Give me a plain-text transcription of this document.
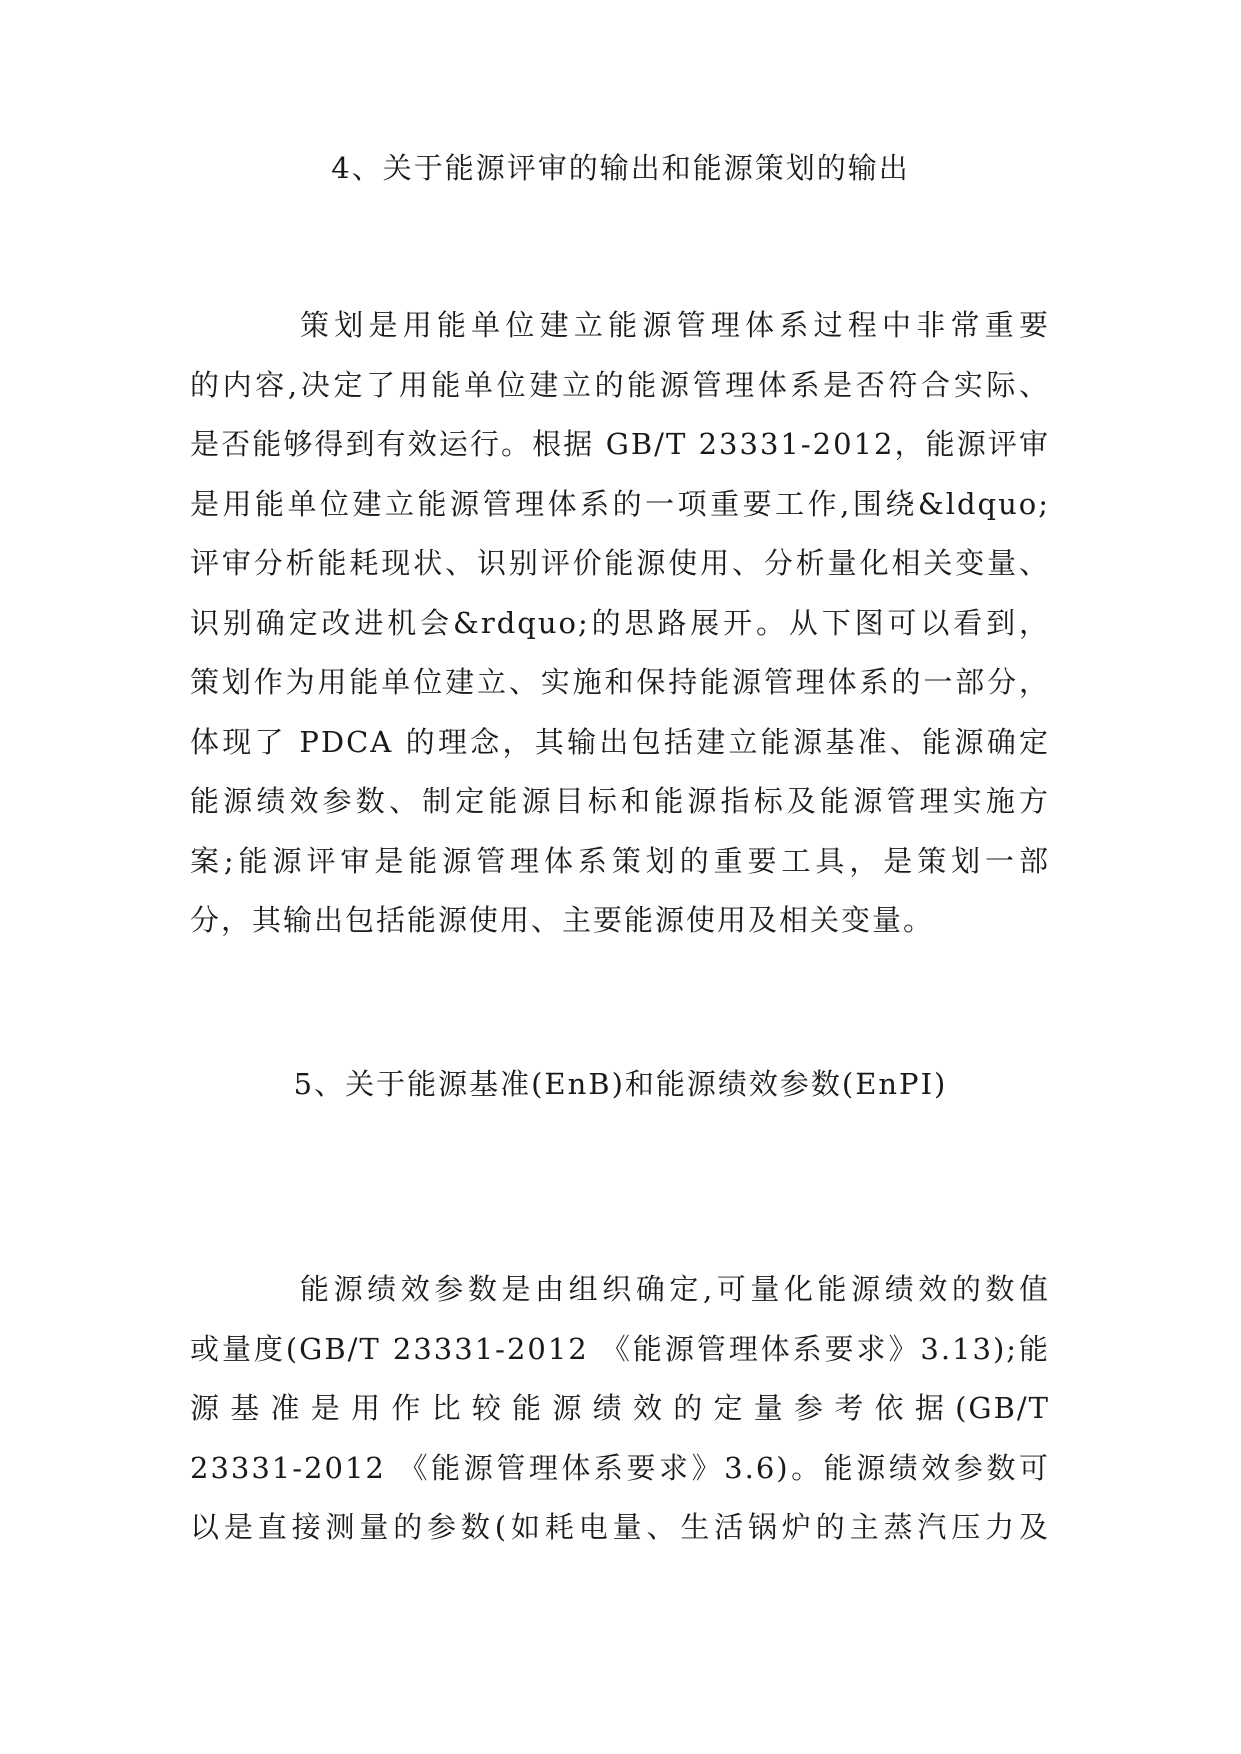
4、关于能源评审的输出和能源策划的输出
策划是用能单位建立能源管理体系过程中非常重要
的内容,决定了用能单位建立的能源管理体系是否符合实际、
是否能够得到有效运行。根据 GB/T 23331-2012，能源评审
是用能单位建立能源管理体系的一项重要工作,围绕&ldquo;
评审分析能耗现状、识别评价能源使用、分析量化相关变量、
识别确定改进机会&rdquo;的思路展开。从下图可以看到，
策划作为用能单位建立、实施和保持能源管理体系的一部分，
体现了 PDCA 的理念，其输出包括建立能源基准、能源确定
能源绩效参数、制定能源目标和能源指标及能源管理实施方
案;能源评审是能源管理体系策划的重要工具，是策划一部
分，其输出包括能源使用、主要能源使用及相关变量。
5、关于能源基准(EnB)和能源绩效参数(EnPI)
能源绩效参数是由组织确定,可量化能源绩效的数值
或量度(GB/T 23331-2012 《能源管理体系要求》3.13);能
源基准是用作比较能源绩效的定量参考依据(GB/T
23331-2012 《能源管理体系要求》3.6)。能源绩效参数可
以是直接测量的参数(如耗电量、生活锅炉的主蒸汽压力及
